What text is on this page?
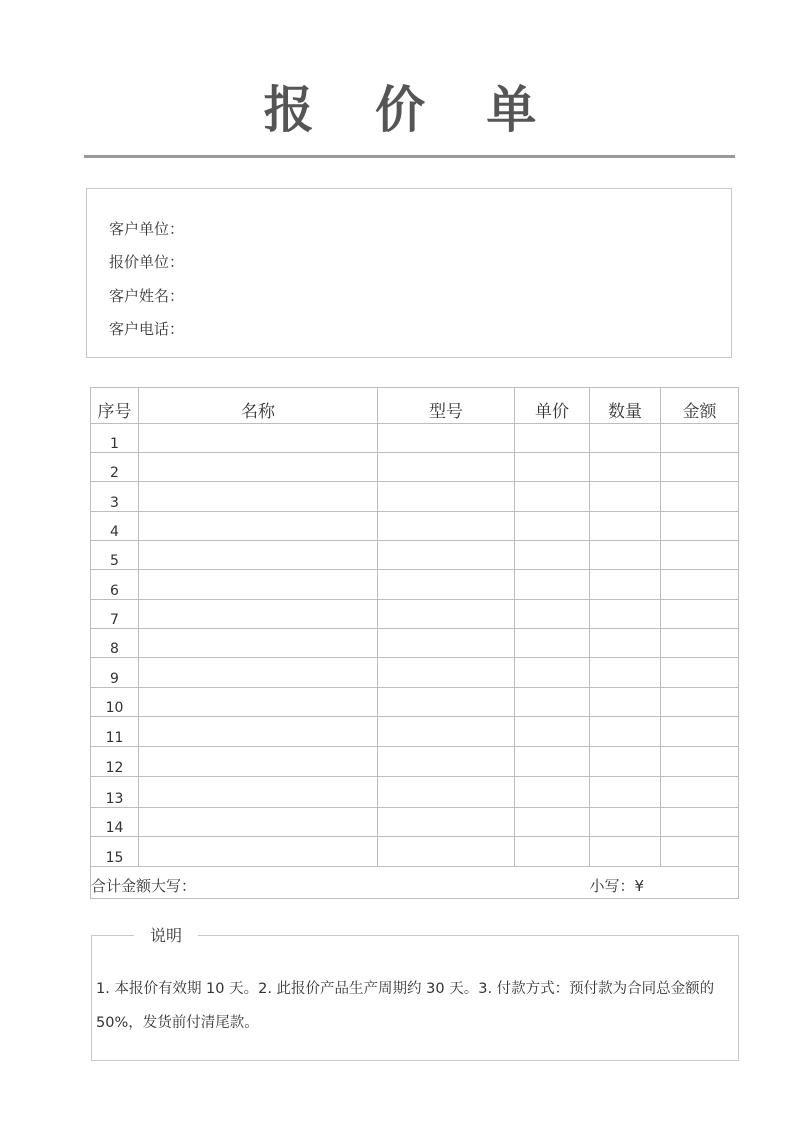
报 价 单
客户单位：
报价单位：
客户姓名：
客户电话：
序号	名称	型号	单价	数量	金额
1					
2					
3					
4					
5					
6					
7					
8					
9					
10					
11					
12					
13					
14					
15					
合计金额大写：				小写：¥	
说明
1. 本报价有效期 10 天。2. 此报价产品生产周期约 30 天。3. 付款方式：预付款为合同总金额的 50%，发货前付清尾款。
